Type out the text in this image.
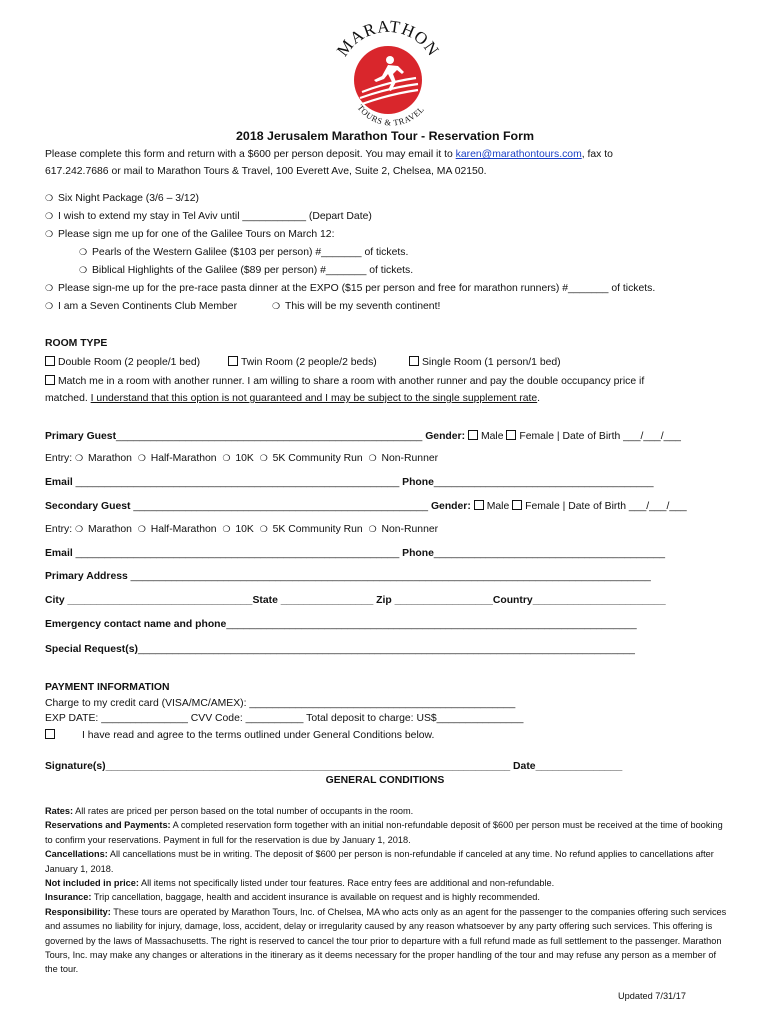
MARATHON
TOURS & TRAVEL
2018 Jerusalem Marathon Tour - Reservation Form
Please complete this form and return with a $600 per person deposit. You may email it to karen@marathontours.com, fax to
617.242.7686 or mail to Marathon Tours & Travel, 100 Everett Ave, Suite 2, Chelsea, MA 02150.
❍ Six Night Package (3/6 – 3/12)
❍ I wish to extend my stay in Tel Aviv until ___________ (Depart Date)
❍ Please sign me up for one of the Galilee Tours on March 12:
❍ Pearls of the Western Galilee ($103 per person) #_______ of tickets.
❍ Biblical Highlights of the Galilee ($89 per person) #_______ of tickets.
❍ Please sign-me up for the pre-race pasta dinner at the EXPO ($15 per person and free for marathon runners) #_______ of tickets.
❍ I am a Seven Continents Club Member	❍ This will be my seventh continent!
ROOM TYPE
Double Room (2 people/1 bed)	Twin Room (2 people/2 beds)	Single Room (1 person/1 bed)
Match me in a room with another runner. I am willing to share a room with another runner and pay the double occupancy price if
matched. I understand that this option is not guaranteed and I may be subject to the single supplement rate.
Primary Guest_____________________________________________________ Gender: Male Female | Date of Birth ___/___/___
Entry: ❍ Marathon ❍ Half-Marathon ❍ 10K ❍ 5K Community Run ❍ Non-Runner
Email ________________________________________________________ Phone______________________________________
Secondary Guest ___________________________________________________ Gender: Male Female | Date of Birth ___/___/___
Entry: ❍ Marathon ❍ Half-Marathon ❍ 10K ❍ 5K Community Run ❍ Non-Runner
Email ________________________________________________________ Phone________________________________________
Primary Address __________________________________________________________________________________________
City ________________________________State ________________ Zip _________________Country_______________________
Emergency contact name and phone_______________________________________________________________________
Special Request(s)______________________________________________________________________________________
PAYMENT INFORMATION
Charge to my credit card (VISA/MC/AMEX): ______________________________________________
EXP DATE: _______________ CVV Code: __________ Total deposit to charge: US$_______________
I have read and agree to the terms outlined under General Conditions below.
Signature(s)______________________________________________________________________ Date_______________
GENERAL CONDITIONS

Rates: All rates are priced per person based on the total number of occupants in the room.

Reservations and Payments: A completed reservation form together with an initial non-refundable deposit of $600 per person must be received at the time of booking to confirm your reservations. Payment in full for the reservation is due by January 1, 2018.

Cancellations: All cancellations must be in writing. The deposit of $600 per person is non-refundable if canceled at any time. No refund applies to cancellations after January 1, 2018.

Not included in price: All items not specifically listed under tour features. Race entry fees are additional and non-refundable.

Insurance: Trip cancellation, baggage, health and accident insurance is available on request and is highly recommended.

Responsibility: These tours are operated by Marathon Tours, Inc. of Chelsea, MA who acts only as an agent for the passenger to the companies offering such services and assumes no liability for injury, damage, loss, accident, delay or irregularity caused by any reason whatsoever by any party offering such services. This offering is governed by the laws of Massachusetts. The right is reserved to cancel the tour prior to departure with a full refund made as full settlement to the passenger. Marathon Tours, Inc. may make any changes or alterations in the itinerary as it deems necessary for the proper handling of the tour and may refuse any person as a member of the tour.

Updated 7/31/17
